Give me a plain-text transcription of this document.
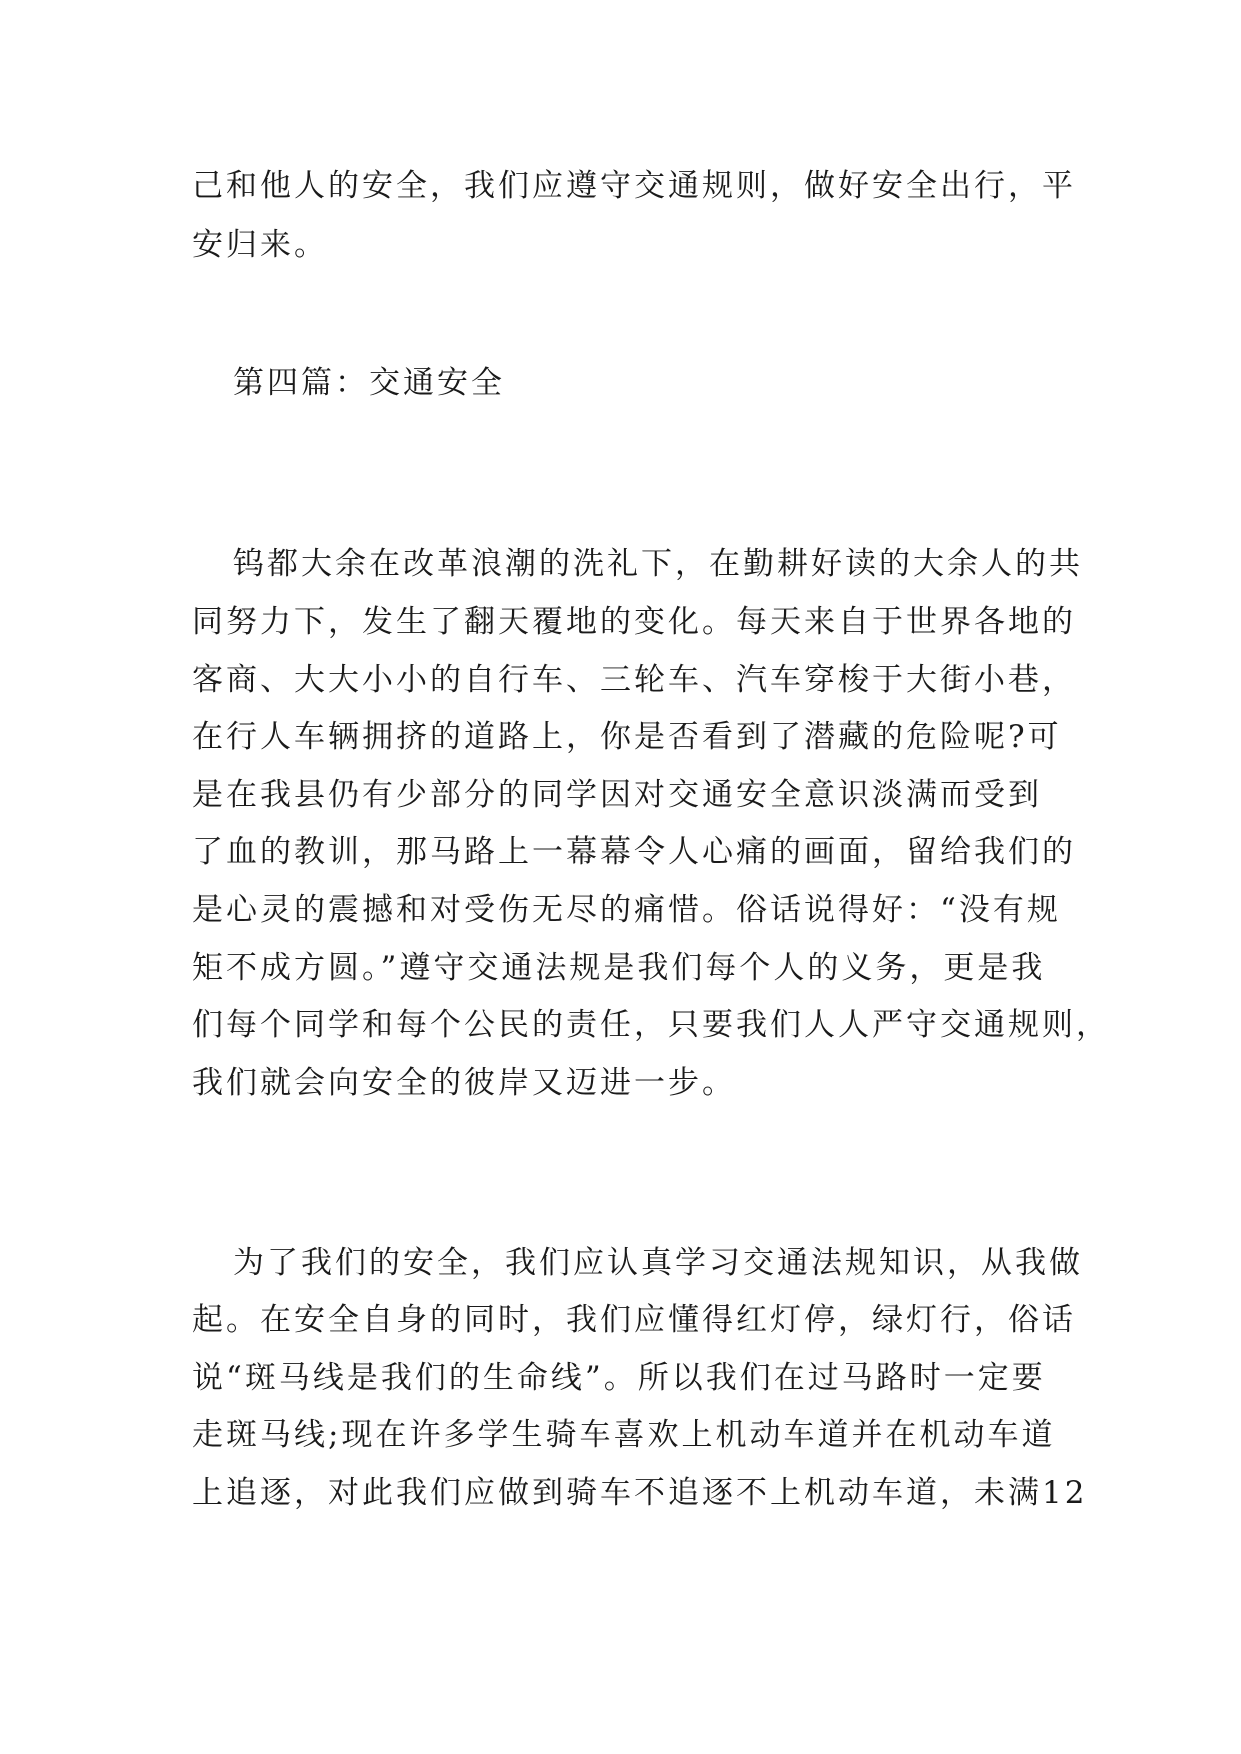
己和他人的安全，我们应遵守交通规则，做好安全出行，平
安归来。
第四篇：交通安全
钨都大余在改革浪潮的洗礼下，在勤耕好读的大余人的共
同努力下，发生了翻天覆地的变化。每天来自于世界各地的
客商、大大小小的自行车、三轮车、汽车穿梭于大街小巷，
在行人车辆拥挤的道路上，你是否看到了潜藏的危险呢?可
是在我县仍有少部分的同学因对交通安全意识淡满而受到
了血的教训，那马路上一幕幕令人心痛的画面，留给我们的
是心灵的震撼和对受伤无尽的痛惜。俗话说得好：“没有规
矩不成方圆。”遵守交通法规是我们每个人的义务，更是我
们每个同学和每个公民的责任，只要我们人人严守交通规则，
我们就会向安全的彼岸又迈进一步。
为了我们的安全，我们应认真学习交通法规知识，从我做
起。在安全自身的同时，我们应懂得红灯停，绿灯行，俗话
说“斑马线是我们的生命线”。所以我们在过马路时一定要
走斑马线;现在许多学生骑车喜欢上机动车道并在机动车道
上追逐，对此我们应做到骑车不追逐不上机动车道，未满12
